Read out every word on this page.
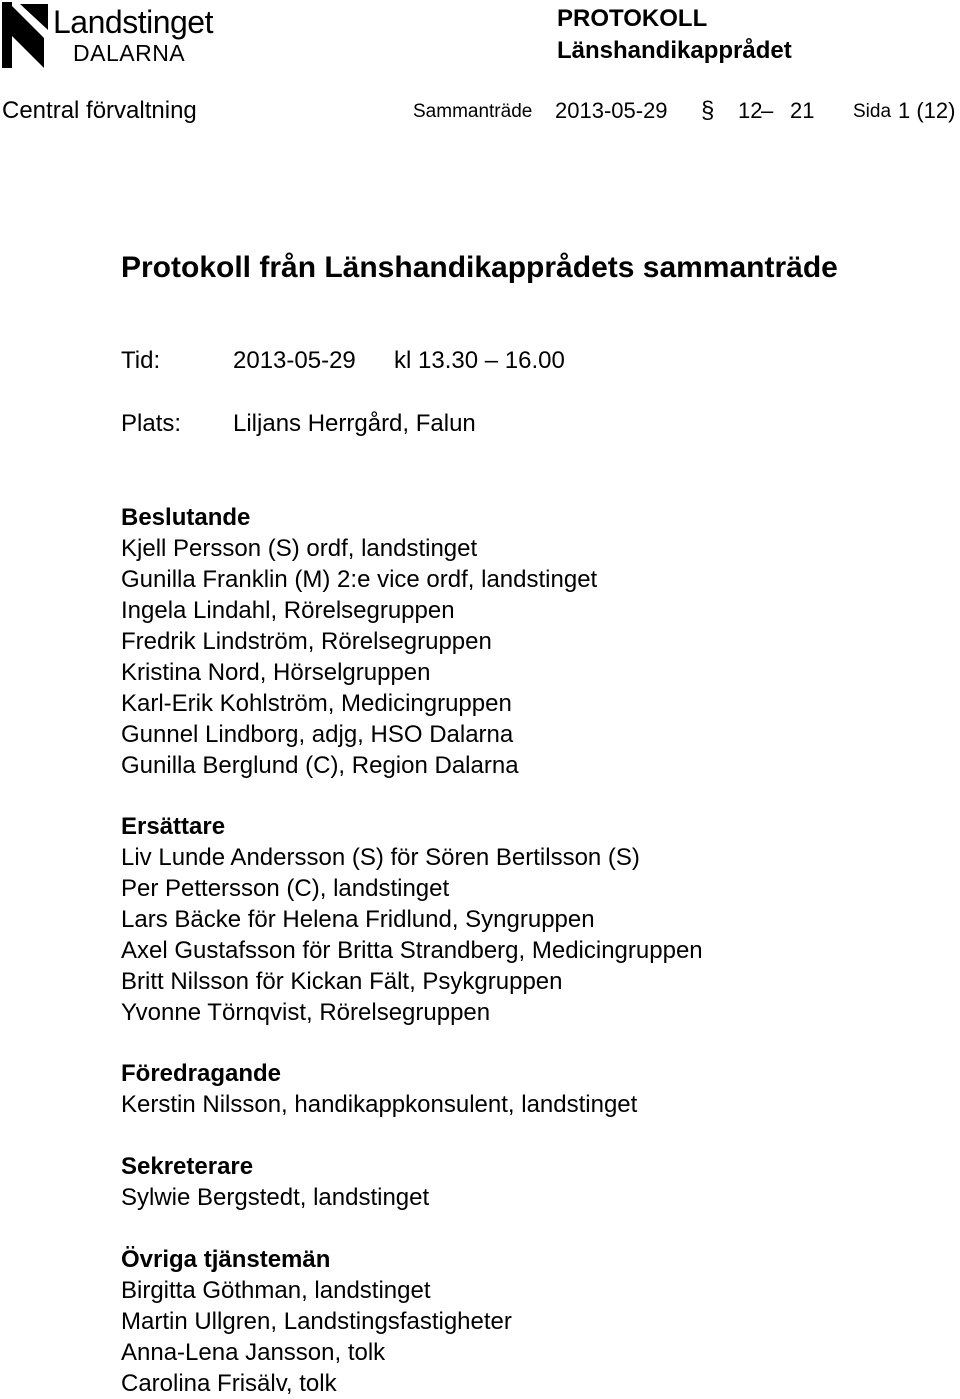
Landstinget
DALARNA
PROTOKOLL
Länshandikapprådet
Central förvaltning	Sammanträde 2013-05-29 § 12
– 21 Sida 1 (12)
Protokoll från Länshandikapprådets sammanträde
Tid:	2013-05-29 kl 13.30 – 16.00
Plats: Liljans Herrgård, Falun
Beslutande
Kjell Persson (S) ordf, landstinget
Gunilla Franklin (M) 2:e vice ordf, landstinget
Ingela Lindahl, Rörelsegruppen
Fredrik Lindström, Rörelsegruppen
Kristina Nord, Hörselgruppen
Karl-Erik Kohlström, Medicingruppen
Gunnel Lindborg, adjg, HSO Dalarna
Gunilla Berglund (C), Region Dalarna
Ersättare
Liv Lunde Andersson (S) för Sören Bertilsson (S)
Per Pettersson (C), landstinget
Lars Bäcke för Helena Fridlund, Syngruppen
Axel Gustafsson för Britta Strandberg, Medicingruppen
Britt Nilsson för Kickan Fält, Psykgruppen
Yvonne Törnqvist, Rörelsegruppen
Föredragande
Kerstin Nilsson, handikappkonsulent, landstinget
Sekreterare
Sylwie Bergstedt, landstinget
Övriga tjänstemän
Birgitta Göthman, landstinget
Martin Ullgren, Landstingsfastigheter
Anna-Lena Jansson, tolk
Carolina Frisälv, tolk
